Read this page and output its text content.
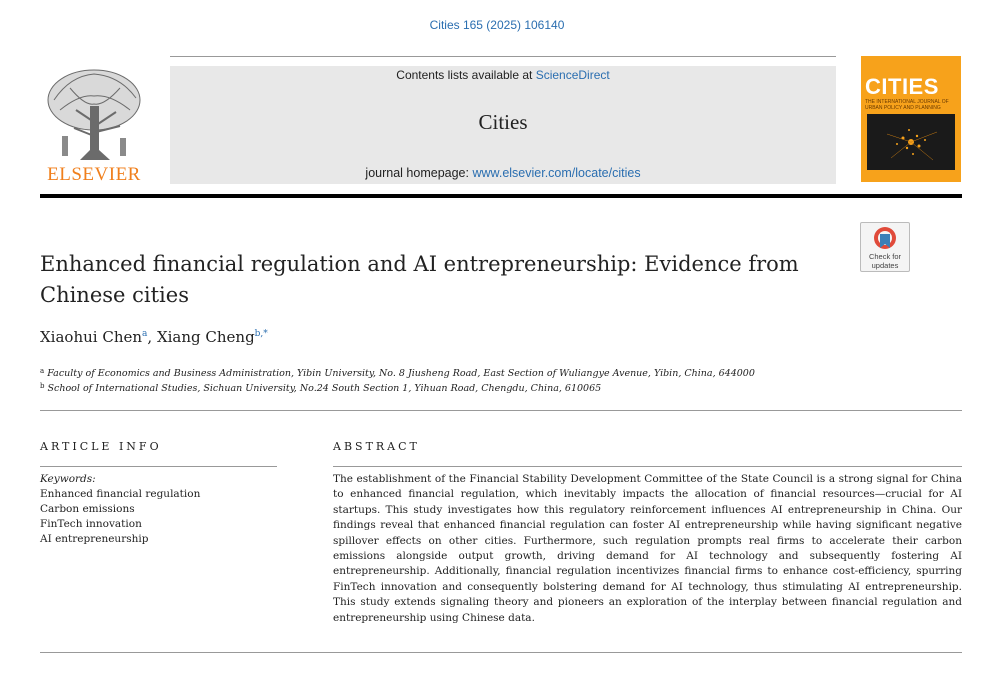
Cities 165 (2025) 106140
ELSEVIER
Contents lists available at ScienceDirect
Cities
journal homepage: www.elsevier.com/locate/cities
CITIES
THE INTERNATIONAL JOURNAL OF URBAN POLICY AND PLANNING
Check for
updates
Enhanced financial regulation and AI entrepreneurship: Evidence from Chinese cities
Xiaohui Chen$^a$, Xiang Cheng$^{b,*}$
$^a$ Faculty of Economics and Business Administration, Yibin University, No. 8 Jiusheng Road, East Section of Wuliangye Avenue, Yibin, China, 644000
$^b$ School of International Studies, Sichuan University, No.24 South Section 1, Yihuan Road, Chengdu, China, 610065
ARTICLE INFO	ABSTRACT
Keywords:
Enhanced financial regulation
Carbon emissions
FinTech innovation
AI entrepreneurship

The establishment of the Financial Stability Development Committee of the State Council is a strong signal for China to enhanced financial regulation, which inevitably impacts the allocation of financial resources—crucial for AI startups. This study investigates how this regulatory reinforcement influences AI entrepreneurship in China. Our findings reveal that enhanced financial regulation can foster AI entrepreneurship while having significant negative spillover effects on other cities. Furthermore, such regulation prompts real firms to accelerate their carbon emissions alongside output growth, driving demand for AI technology and subsequently fostering AI entrepreneurship. Additionally, financial regulation incentivizes financial firms to enhance cost-efficiency, spurring FinTech innovation and consequently bolstering demand for AI technology, thus stimulating AI entrepreneurship. This study extends signaling theory and pioneers an exploration of the interplay between financial regulation and entrepreneurship using Chinese data.
